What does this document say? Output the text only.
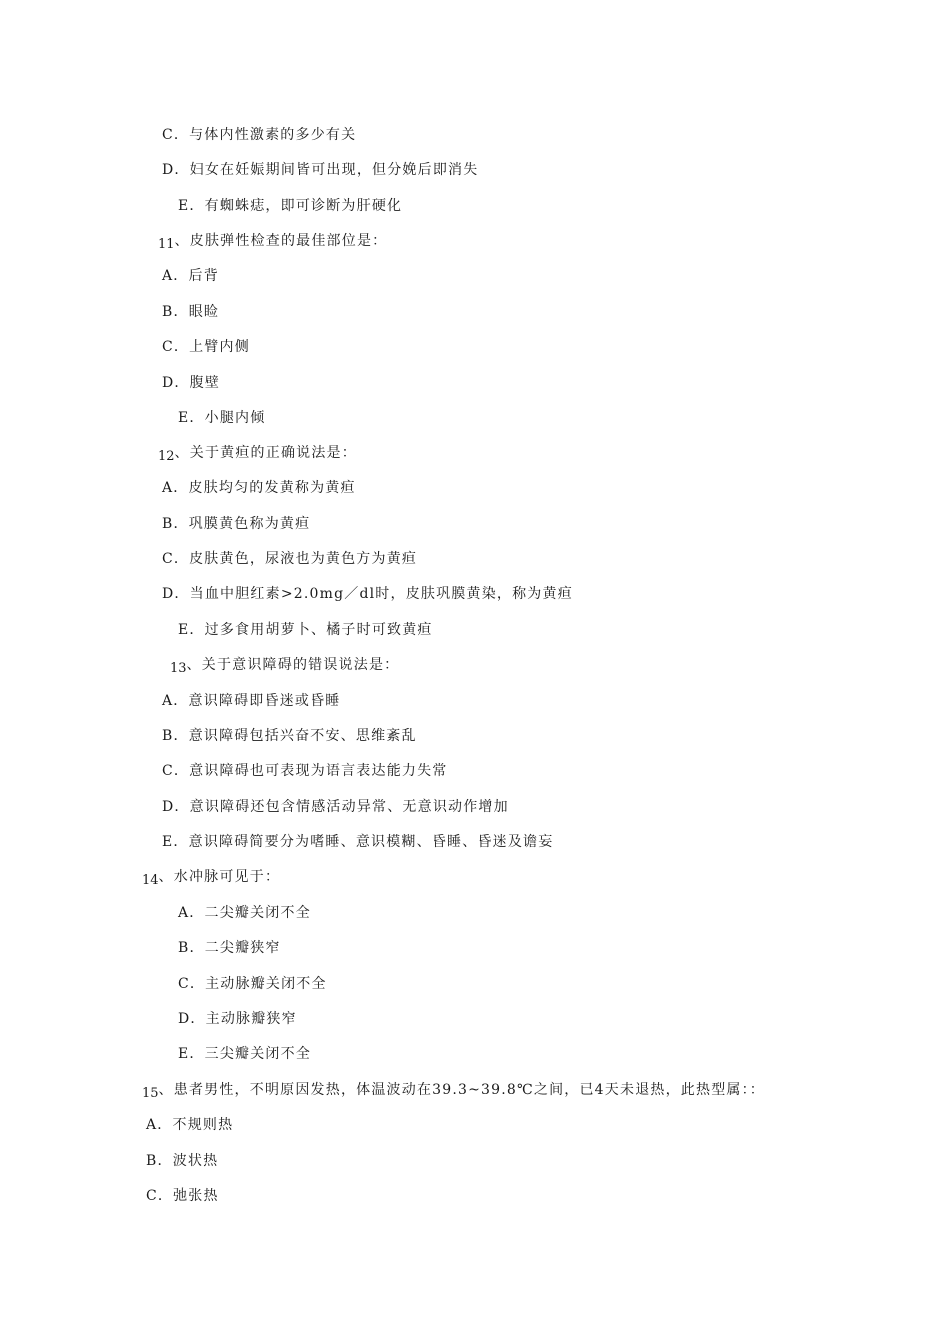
C．与体内性激素的多少有关
D．妇女在妊娠期间皆可出现，但分娩后即消失
E．有蜘蛛痣，即可诊断为肝硬化
11、皮肤弹性检查的最佳部位是：
A．后背
B．眼睑
C．上臂内侧
D．腹壁
E．小腿内倾
12、关于黄疸的正确说法是：
A．皮肤均匀的发黄称为黄疸
B．巩膜黄色称为黄疸
C．皮肤黄色，尿液也为黄色方为黄疸
D．当血中胆红素>2.0mg／dl时，皮肤巩膜黄染，称为黄疸
E．过多食用胡萝卜、橘子时可致黄疸
13、关于意识障碍的错误说法是：
A．意识障碍即昏迷或昏睡
B．意识障碍包括兴奋不安、思维紊乱
C．意识障碍也可表现为语言表达能力失常
D．意识障碍还包含情感活动异常、无意识动作增加
E．意识障碍简要分为嗜睡、意识模糊、昏睡、昏迷及谵妄
14、水冲脉可见于：
A．二尖瓣关闭不全
B．二尖瓣狭窄
C．主动脉瓣关闭不全
D．主动脉瓣狭窄
E．三尖瓣关闭不全
15、患者男性，不明原因发热，体温波动在39.3~39.8℃之间，已4天未退热，此热型属：：
A．不规则热
B．波状热
C．弛张热
